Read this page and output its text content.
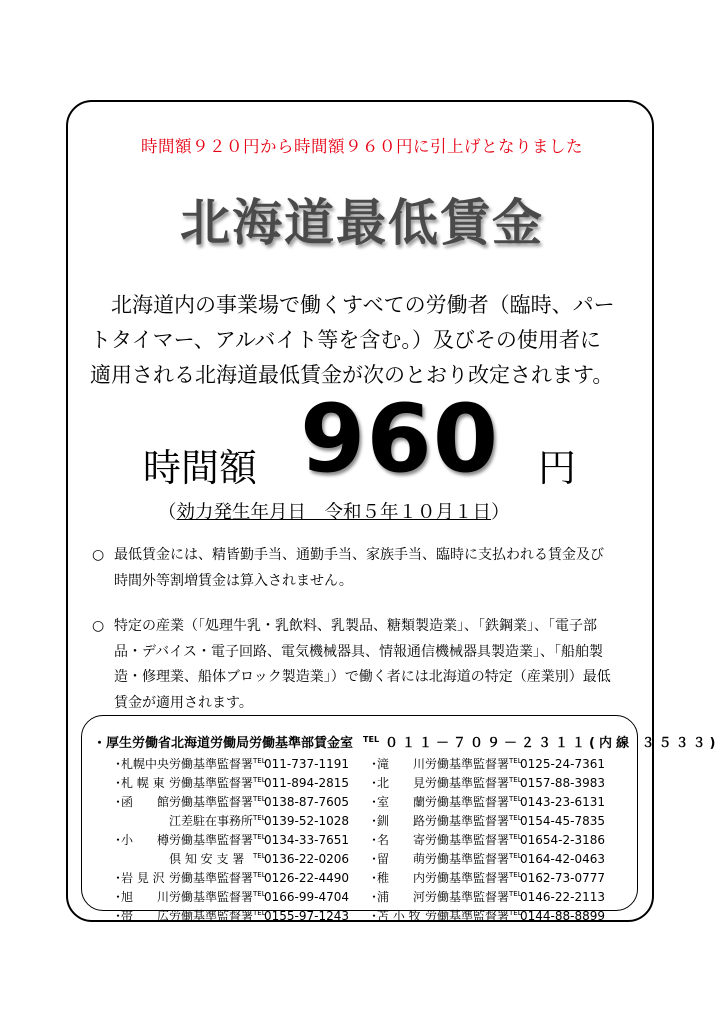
時間額９２０円から時間額９６０円に引上げとなりました
北海道最低賃金
　北海道内の事業場で働くすべての労働者（臨時、パー
トタイマー、アルバイト等を含む。）及びその使用者に
適用される北海道最低賃金が次のとおり改定されます。
時間額 960 円
（効力発生年月日　令和５年１０月１日）
○ 最低賃金には、精皆勤手当、通勤手当、家族手当、臨時に支払われる賃金及び
時間外等割増賃金は算入されません。
○ 特定の産業（「処理牛乳・乳飲料、乳製品、糖類製造業」、「鉄鋼業」、「電子部
品・デバイス・電子回路、電気機械器具、情報通信機械器具製造業」、「船舶製
造・修理業、船体ブロック製造業」）で働く者には北海道の特定（産業別）最低
賃金が適用されます。
・厚生労働省北海道労働局労働基準部賃金室 $^{TEL}$ ０１１－７０９－２３１１(内線 ３５３３)
・
札幌中央 労働基準監督署 TEL
011-737-1191
・
札 幌 東 労働基準監督署 TEL
011-894-2815
・
函　　館 労働基準監督署 TEL
0138-87-7605
江差駐在事務所 TEL
0139-52-1028
・
小　　樽 労働基準監督署 TEL
0134-33-7651
倶 知 安 支 署 TEL
0136-22-0206
・
岩 見 沢 労働基準監督署 TEL
0126-22-4490
・
旭　　川 労働基準監督署 TEL
0166-99-4704
・
帯　　広 労働基準監督署 TEL
0155-97-1243
・
滝　　川 労働基準監督署 TEL
0125-24-7361
・
北　　見 労働基準監督署 TEL
0157-88-3983
・
室　　蘭 労働基準監督署 TEL
0143-23-6131
・
釧　　路 労働基準監督署 TEL
0154-45-7835
・
名　　寄 労働基準監督署 TEL
01654-2-3186
・
留　　萌 労働基準監督署 TEL
0164-42-0463
・
稚　　内 労働基準監督署 TEL
0162-73-0777
・
浦　　河 労働基準監督署 TEL
0146-22-2113
・
苫 小 牧 労働基準監督署 TEL
0144-88-8899
